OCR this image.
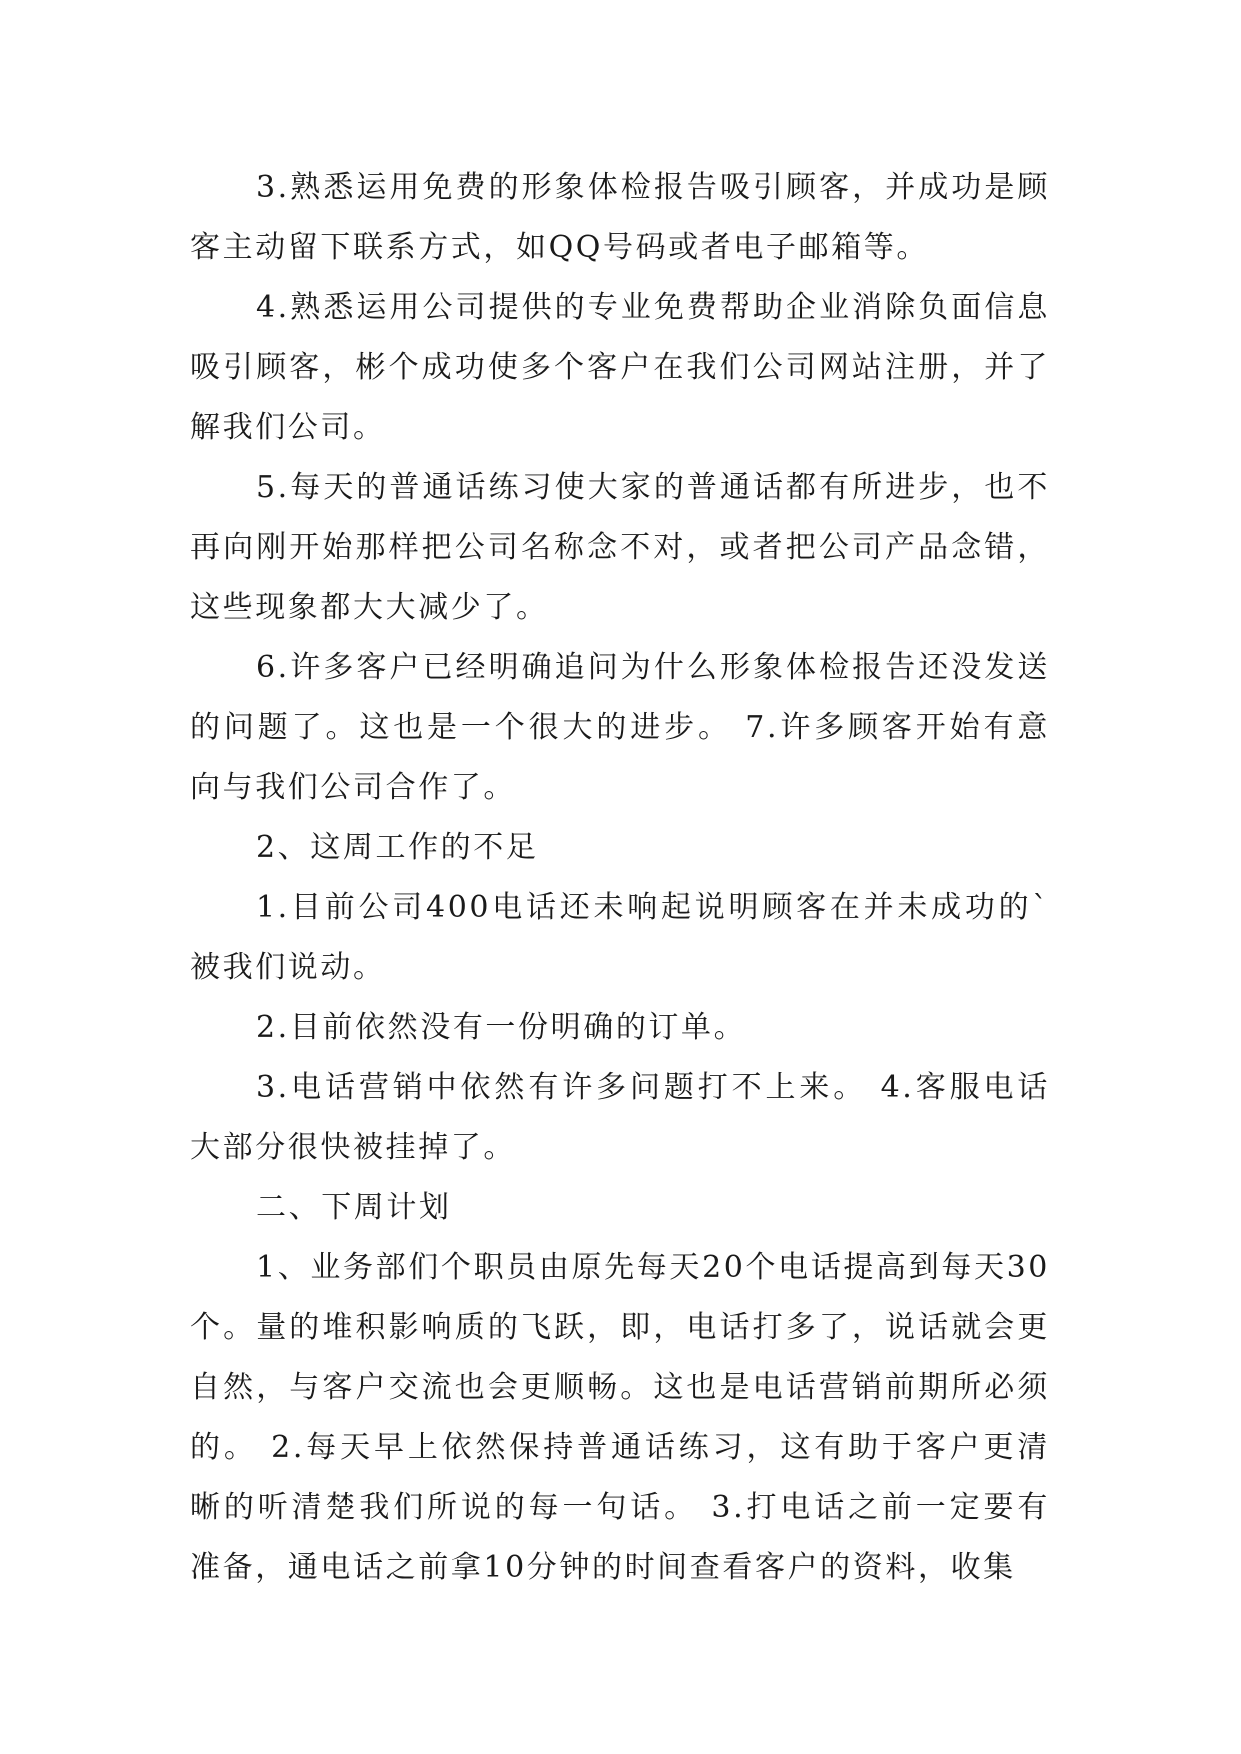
3.熟悉运用免费的形象体检报告吸引顾客，并成功是顾客主动留下联系方式，如QQ号码或者电子邮箱等。

4.熟悉运用公司提供的专业免费帮助企业消除负面信息吸引顾客，彬个成功使多个客户在我们公司网站注册，并了解我们公司。

5.每天的普通话练习使大家的普通话都有所进步，也不再向刚开始那样把公司名称念不对，或者把公司产品念错，这些现象都大大减少了。

6.许多客户已经明确追问为什么形象体检报告还没发送的问题了。这也是一个很大的进步。 7.许多顾客开始有意向与我们公司合作了。

2、这周工作的不足

1.目前公司400电话还未响起说明顾客在并未成功的`被我们说动。

2.目前依然没有一份明确的订单。

3.电话营销中依然有许多问题打不上来。 4.客服电话大部分很快被挂掉了。

二、下周计划

1、业务部们个职员由原先每天20个电话提高到每天30个。量的堆积影响质的飞跃，即，电话打多了，说话就会更自然，与客户交流也会更顺畅。这也是电话营销前期所必须的。 2.每天早上依然保持普通话练习，这有助于客户更清晰的听清楚我们所说的每一句话。 3.打电话之前一定要有准备，通电话之前拿10分钟的时间查看客户的资料，收集
